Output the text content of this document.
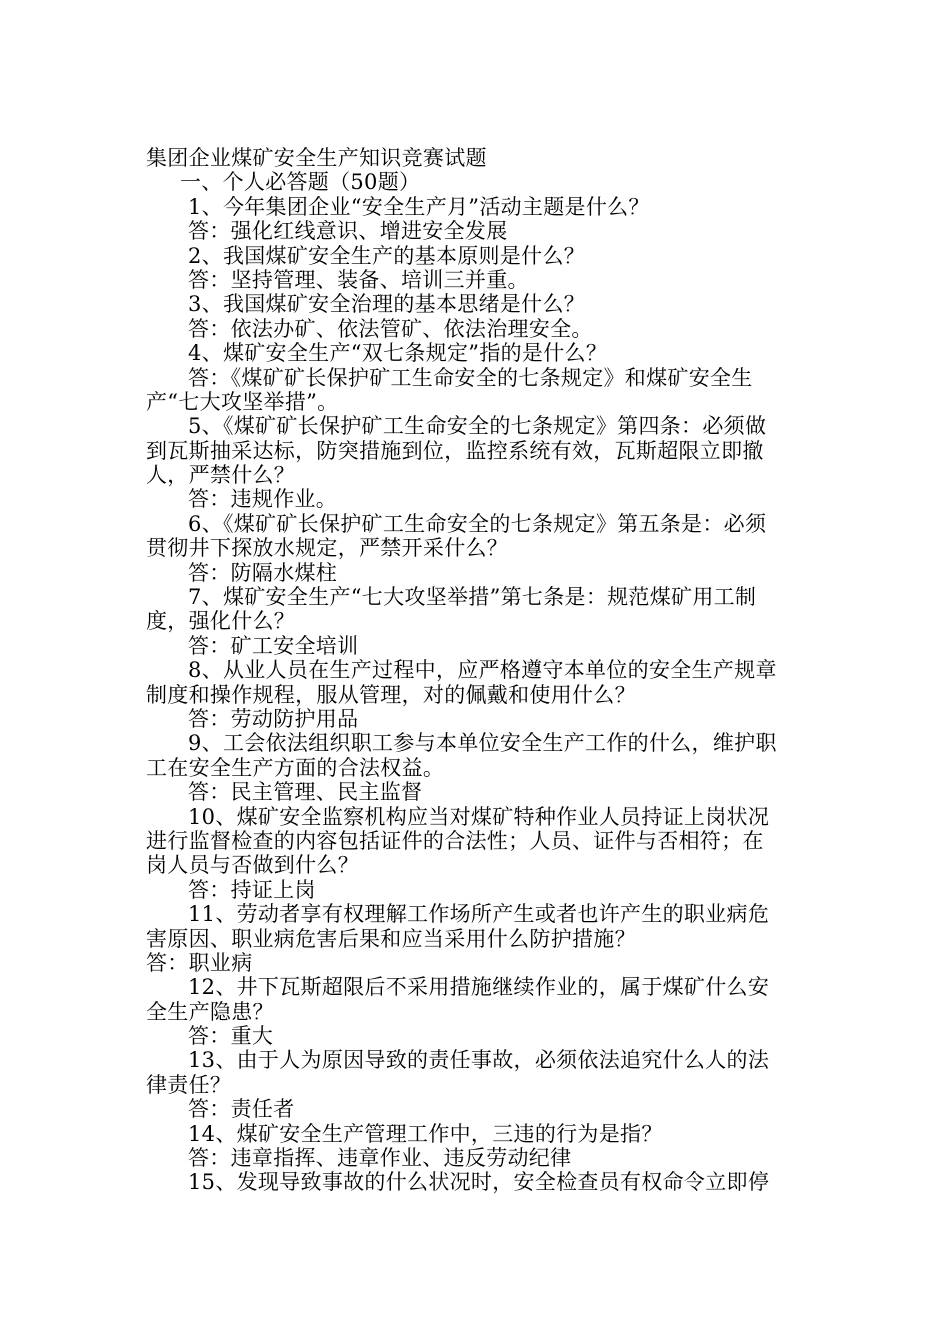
集团企业煤矿安全生产知识竞赛试题
一、个人必答题（50题）
1、今年集团企业“安全生产月”活动主题是什么？
答：强化红线意识、增进安全发展
2、我国煤矿安全生产的基本原则是什么？
答：坚持管理、装备、培训三并重。
3、我国煤矿安全治理的基本思绪是什么？
答：依法办矿、依法管矿、依法治理安全。
4、煤矿安全生产“双七条规定”指的是什么？
答：《煤矿矿长保护矿工生命安全的七条规定》和煤矿安全生
产“七大攻坚举措”。
5、《煤矿矿长保护矿工生命安全的七条规定》第四条：必须做
到瓦斯抽采达标，防突措施到位，监控系统有效，瓦斯超限立即撤
人，严禁什么？
答：违规作业。
6、《煤矿矿长保护矿工生命安全的七条规定》第五条是：必须
贯彻井下探放水规定，严禁开采什么？
答：防隔水煤柱
7、煤矿安全生产“七大攻坚举措”第七条是：规范煤矿用工制
度，强化什么？
答：矿工安全培训
8、从业人员在生产过程中，应严格遵守本单位的安全生产规章
制度和操作规程，服从管理，对的佩戴和使用什么？
答：劳动防护用品
9、工会依法组织职工参与本单位安全生产工作的什么，维护职
工在安全生产方面的合法权益。
答：民主管理、民主监督
10、煤矿安全监察机构应当对煤矿特种作业人员持证上岗状况
进行监督检查的内容包括证件的合法性；人员、证件与否相符；在
岗人员与否做到什么？
答：持证上岗
11、劳动者享有权理解工作场所产生或者也许产生的职业病危
害原因、职业病危害后果和应当采用什么防护措施？
答：职业病
12、井下瓦斯超限后不采用措施继续作业的，属于煤矿什么安
全生产隐患？
答：重大
13、由于人为原因导致的责任事故，必须依法追究什么人的法
律责任？
答：责任者
14、煤矿安全生产管理工作中，三违的行为是指？
答：违章指挥、违章作业、违反劳动纪律
15、发现导致事故的什么状况时，安全检查员有权命令立即停
